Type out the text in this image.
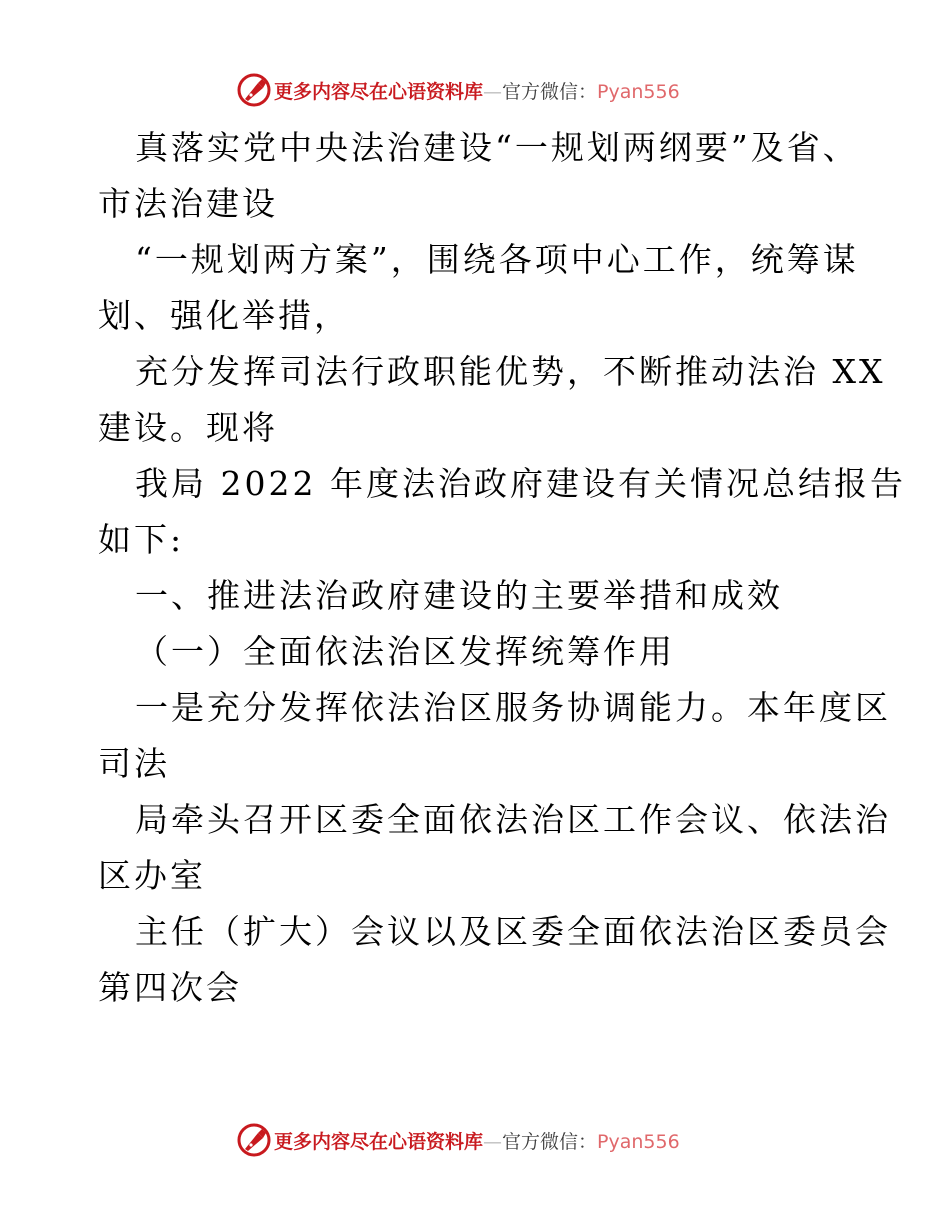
更多内容尽在心语资料库—官方微信：Pyan556
真落实党中央法治建设“一规划两纲要”及省、
市法治建设
“一规划两方案”，围绕各项中心工作，统筹谋
划、强化举措，
充分发挥司法行政职能优势，不断推动法治 XX
建设。现将
我局 2022 年度法治政府建设有关情况总结报告
如下:
一、推进法治政府建设的主要举措和成效
（一）全面依法治区发挥统筹作用
一是充分发挥依法治区服务协调能力。本年度区
司法
局牵头召开区委全面依法治区工作会议、依法治
区办室
主任（扩大）会议以及区委全面依法治区委员会
第四次会
更多内容尽在心语资料库—官方微信：Pyan556
